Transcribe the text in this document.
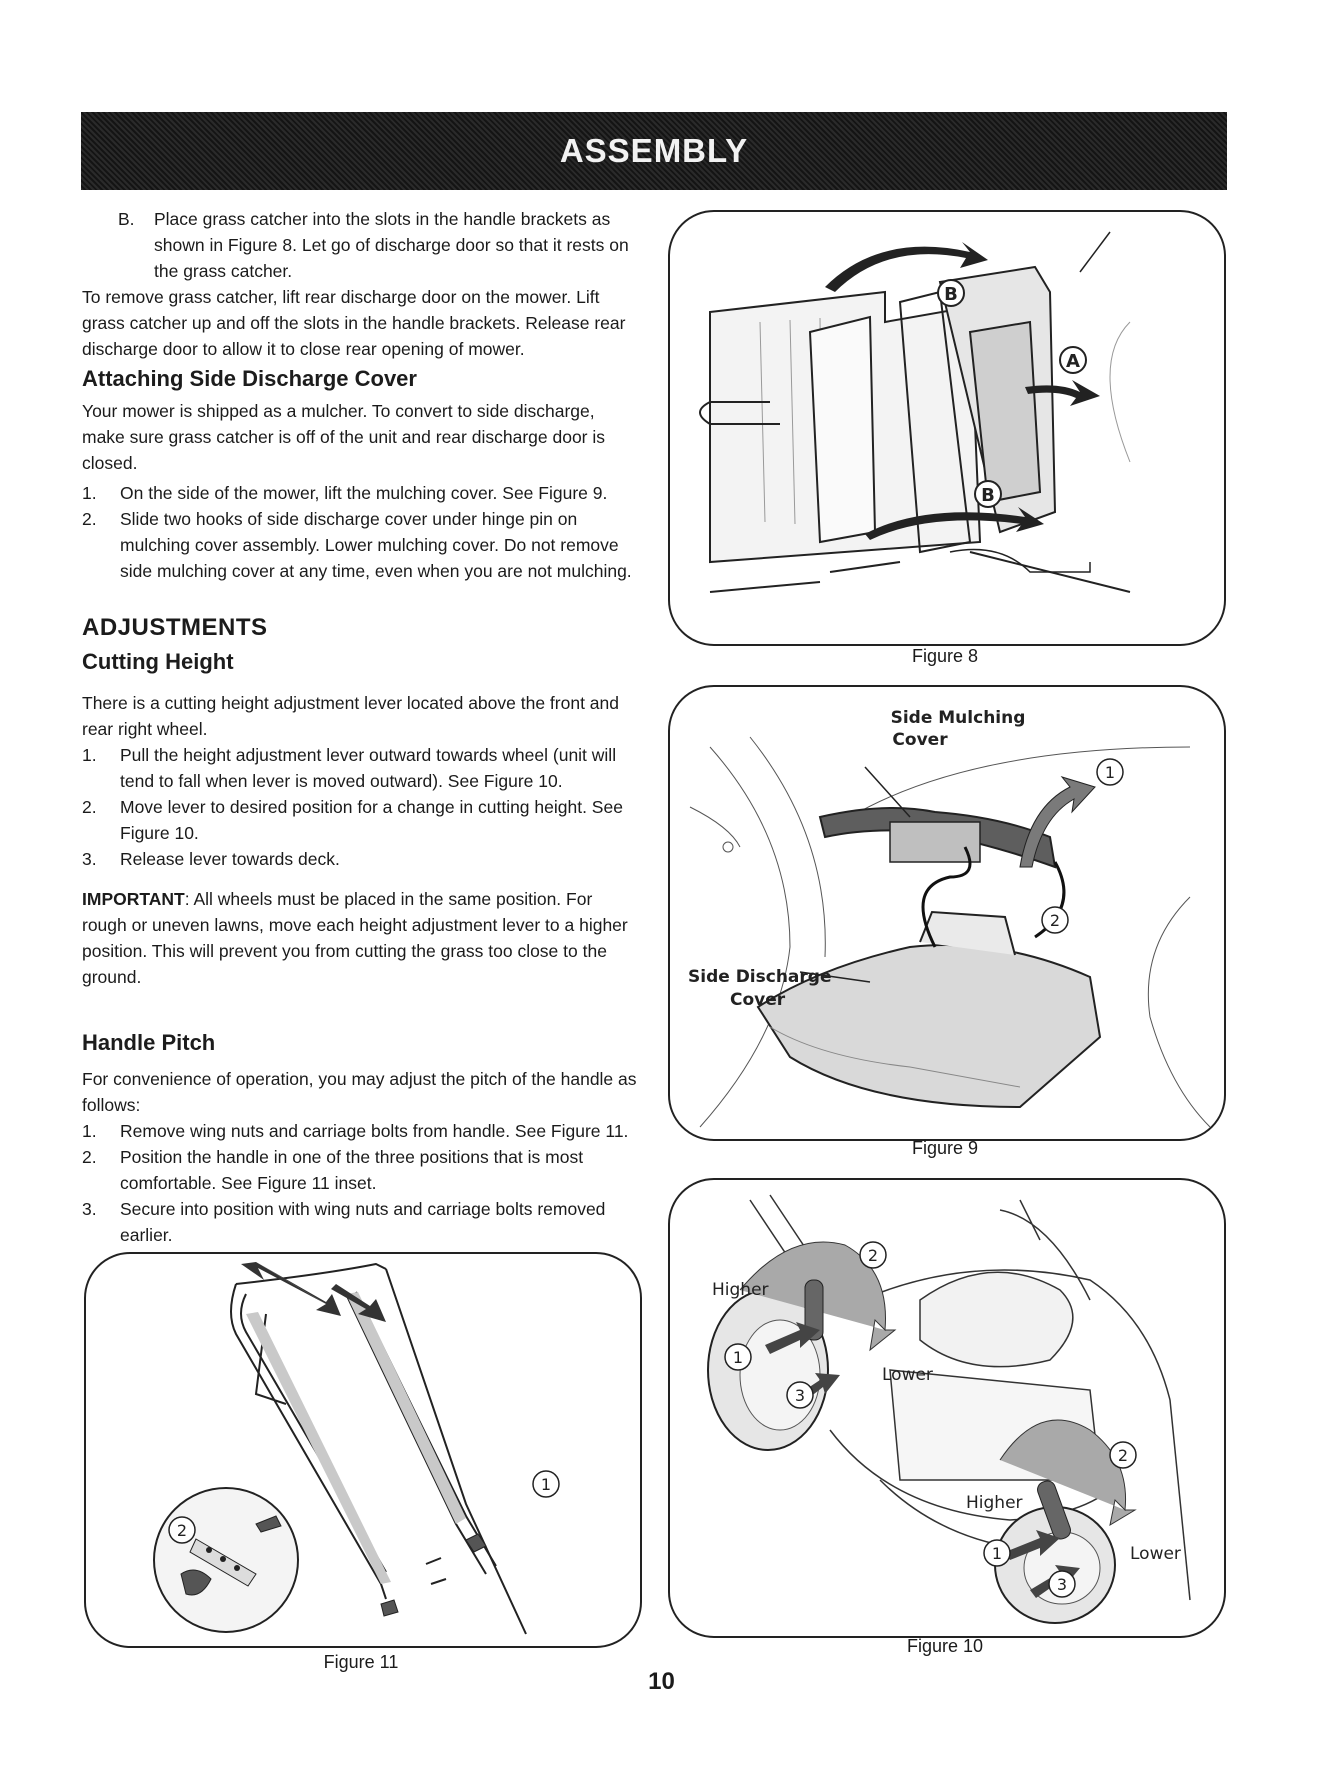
ASSEMBLY
B.	Place grass catcher into the slots in the handle brackets as shown in Figure 8. Let go of discharge door so that it rests on the grass catcher.

To remove grass catcher, lift rear discharge door on the mower. Lift grass catcher up and off the slots in the handle brackets. Release rear discharge door to allow it to close rear opening of mower.

Attaching Side Discharge Cover

Your mower is shipped as a mulcher. To convert to side discharge, make sure grass catcher is off of the unit and rear discharge door is closed.

1.	On the side of the mower, lift the mulching cover. See Figure 9.
2.	Slide two hooks of side discharge cover under hinge pin on mulching cover assembly. Lower mulching cover. Do not remove side mulching cover at any time, even when you are not mulching.
ADJUSTMENTS
Cutting Height

There is a cutting height adjustment lever located above the front and rear right wheel.

1.	Pull the height adjustment lever outward towards wheel (unit will tend to fall when lever is moved outward). See Figure 10.
2.	Move lever to desired position for a change in cutting height. See Figure 10.
3.	Release lever towards deck.

IMPORTANT: All wheels must be placed in the same position. For rough or uneven lawns, move each height adjustment lever to a higher position. This will prevent you from cutting the grass too close to the ground.

Handle Pitch

For convenience of operation, you may adjust the pitch of the handle as follows:

1.	Remove wing nuts and carriage bolts from handle. See Figure 11.
2.	Position the handle in one of the three positions that is most comfortable. See Figure 11 inset.
3.	Secure into position with wing nuts and carriage bolts removed earlier.
B
A
B
Figure 8
Side Mulching
Cover
Side Discharge
Cover
1
2
Figure 9
Higher
Lower
Higher
Lower
2
1
3
2
1
3
Figure 10
1
2
Figure 11
10
